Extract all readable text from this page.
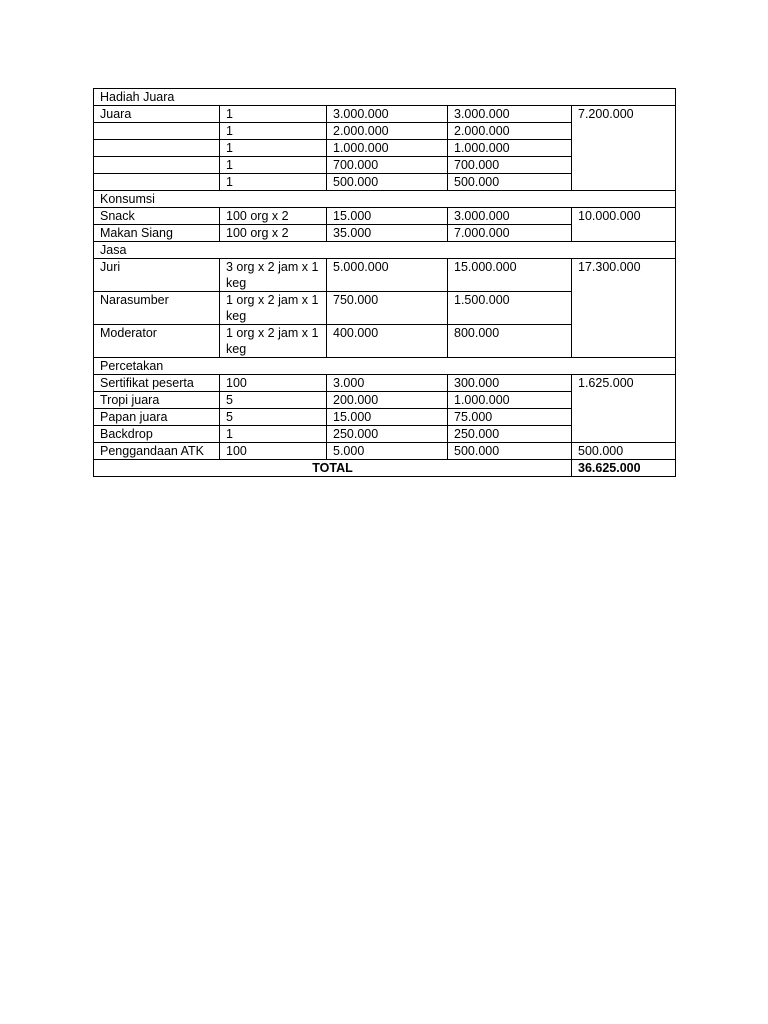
Hadiah Juara				
Juara	1	3.000.000	3.000.000	7.200.000
	1	2.000.000	2.000.000	
	1	1.000.000	1.000.000	
	1	700.000	700.000	
	1	500.000	500.000	
Konsumsi				
Snack	100 org x 2	15.000	3.000.000	10.000.000
Makan Siang	100 org x 2	35.000	7.000.000	
Jasa				
Juri	3 org x 2 jam x 1 keg	5.000.000	15.000.000	17.300.000
Narasumber	1 org x 2 jam x 1 keg	750.000	1.500.000	
Moderator	1 org x 2 jam x 1 keg	400.000	800.000	
Percetakan				
Sertifikat peserta	100	3.000	300.000	1.625.000
Tropi juara	5	200.000	1.000.000	
Papan juara	5	15.000	75.000	
Backdrop	1	250.000	250.000	
Penggandaan ATK	100	5.000	500.000	500.000
TOTAL				36.625.000
